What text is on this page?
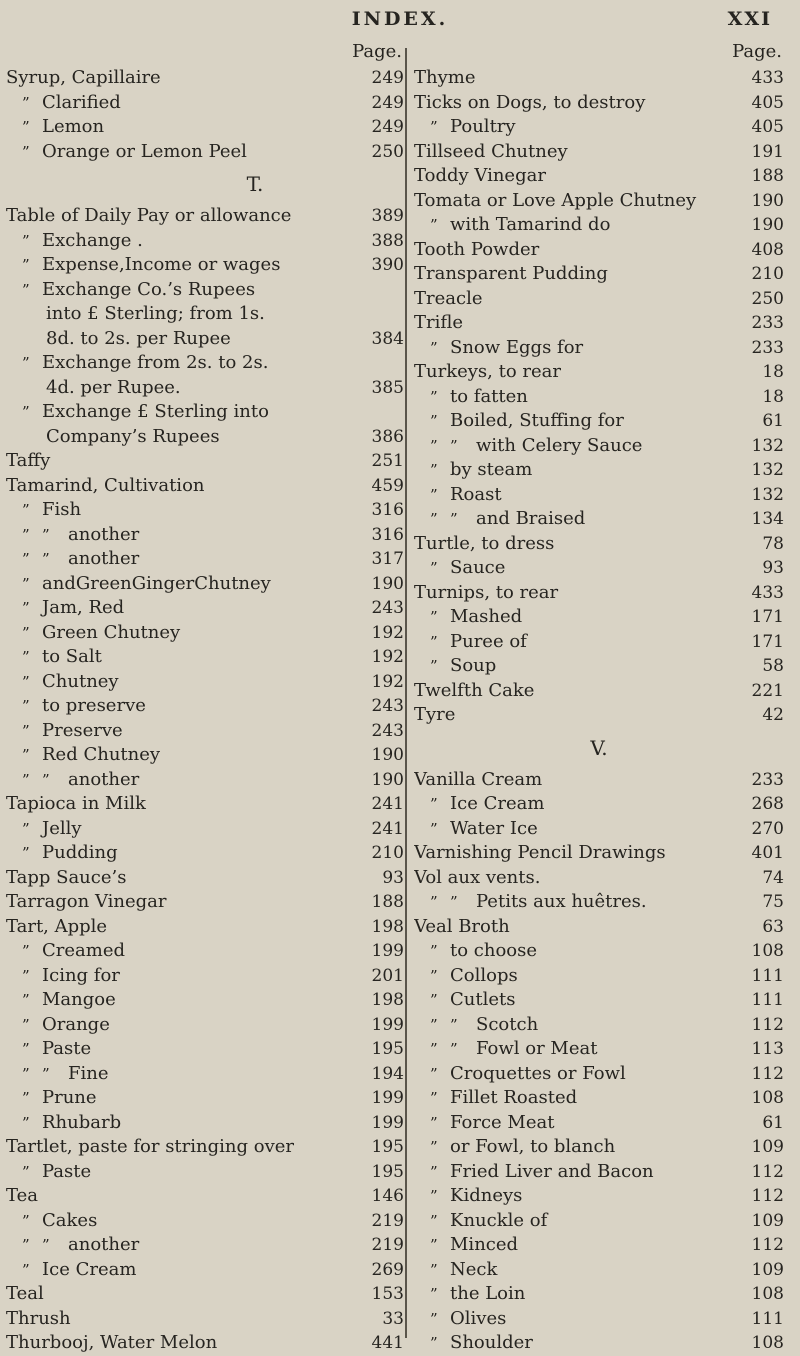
INDEX.	XXI
Page.
Syrup, Capillaire	249
” Clarified	249
” Lemon	249
” Orange or Lemon Peel	250
T.
Table of Daily Pay or allowance	389
” Exchange .	388
” Expense,Income or wages	390
” Exchange Co.’s Rupees
into £ Sterling; from 1s.
8d. to 2s. per Rupee	384
” Exchange from 2s. to 2s.
4d. per Rupee.	385
” Exchange £ Sterling into
Company’s Rupees	386
Taffy	251
Tamarind, Cultivation	459
” Fish	316
” ” another	316
” ” another	317
” andGreenGingerChutney	190
” Jam, Red	243
” Green Chutney	192
” to Salt	192
” Chutney	192
” to preserve	243
” Preserve	243
” Red Chutney	190
” ” another	190
Tapioca in Milk	241
” Jelly	241
” Pudding	210
Tapp Sauce’s	93
Tarragon Vinegar	188
Tart, Apple	198
” Creamed	199
” Icing for	201
” Mangoe	198
” Orange	199
” Paste	195
” ” Fine	194
” Prune	199
” Rhubarb	199
Tartlet, paste for stringing over	195
” Paste	195
Tea	146
” Cakes	219
” ” another	219
” Ice Cream	269
Teal	153
Thrush	33
Thurbooj, Water Melon	441
Page.
Thyme	433
Ticks on Dogs, to destroy	405
” Poultry	405
Tillseed Chutney	191
Toddy Vinegar	188
Tomata or Love Apple Chutney	190
” with Tamarind do	190
Tooth Powder	408
Transparent Pudding	210
Treacle	250
Trifle	233
” Snow Eggs for	233
Turkeys, to rear	18
” to fatten	18
” Boiled, Stuffing for	61
” ” with Celery Sauce	132
” by steam	132
” Roast	132
” ” and Braised	134
Turtle, to dress	78
” Sauce	93
Turnips, to rear	433
” Mashed	171
” Puree of	171
” Soup	58
Twelfth Cake	221
Tyre	42
V.
Vanilla Cream	233
” Ice Cream	268
” Water Ice	270
Varnishing Pencil Drawings	401
Vol aux vents.	74
” ” Petits aux huêtres.	75
Veal Broth	63
” to choose	108
” Collops	111
” Cutlets	111
” ” Scotch	112
” ” Fowl or Meat	113
” Croquettes or Fowl	112
” Fillet Roasted	108
” Force Meat	61
” or Fowl, to blanch	109
” Fried Liver and Bacon	112
” Kidneys	112
” Knuckle of	109
” Minced	112
” Neck	109
” the Loin	108
” Olives	111
” Shoulder	108
